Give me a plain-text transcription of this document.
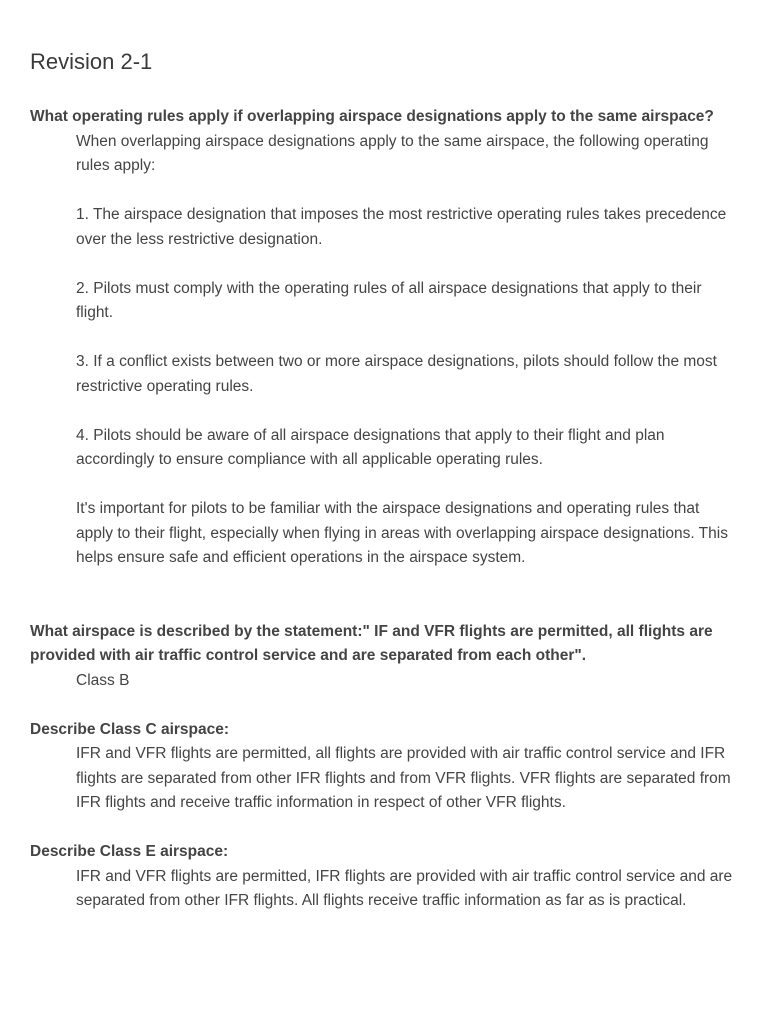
Revision 2-1
What operating rules apply if overlapping airspace designations apply to the same airspace?

When overlapping airspace designations apply to the same airspace, the following operating rules apply:

1. The airspace designation that imposes the most restrictive operating rules takes precedence over the less restrictive designation.

2. Pilots must comply with the operating rules of all airspace designations that apply to their flight.

3. If a conflict exists between two or more airspace designations, pilots should follow the most restrictive operating rules.

4. Pilots should be aware of all airspace designations that apply to their flight and plan accordingly to ensure compliance with all applicable operating rules.

It's important for pilots to be familiar with the airspace designations and operating rules that apply to their flight, especially when flying in areas with overlapping airspace designations. This helps ensure safe and efficient operations in the airspace system.

What airspace is described by the statement:" IF and VFR flights are permitted, all flights are provided with air traffic control service and are separated from each other".

Class B

Describe Class C airspace:

IFR and VFR flights are permitted, all flights are provided with air traffic control service and IFR flights are separated from other IFR flights and from VFR flights. VFR flights are separated from IFR flights and receive traffic information in respect of other VFR flights.

Describe Class E airspace:

IFR and VFR flights are permitted, IFR flights are provided with air traffic control service and are separated from other IFR flights. All flights receive traffic information as far as is practical.
